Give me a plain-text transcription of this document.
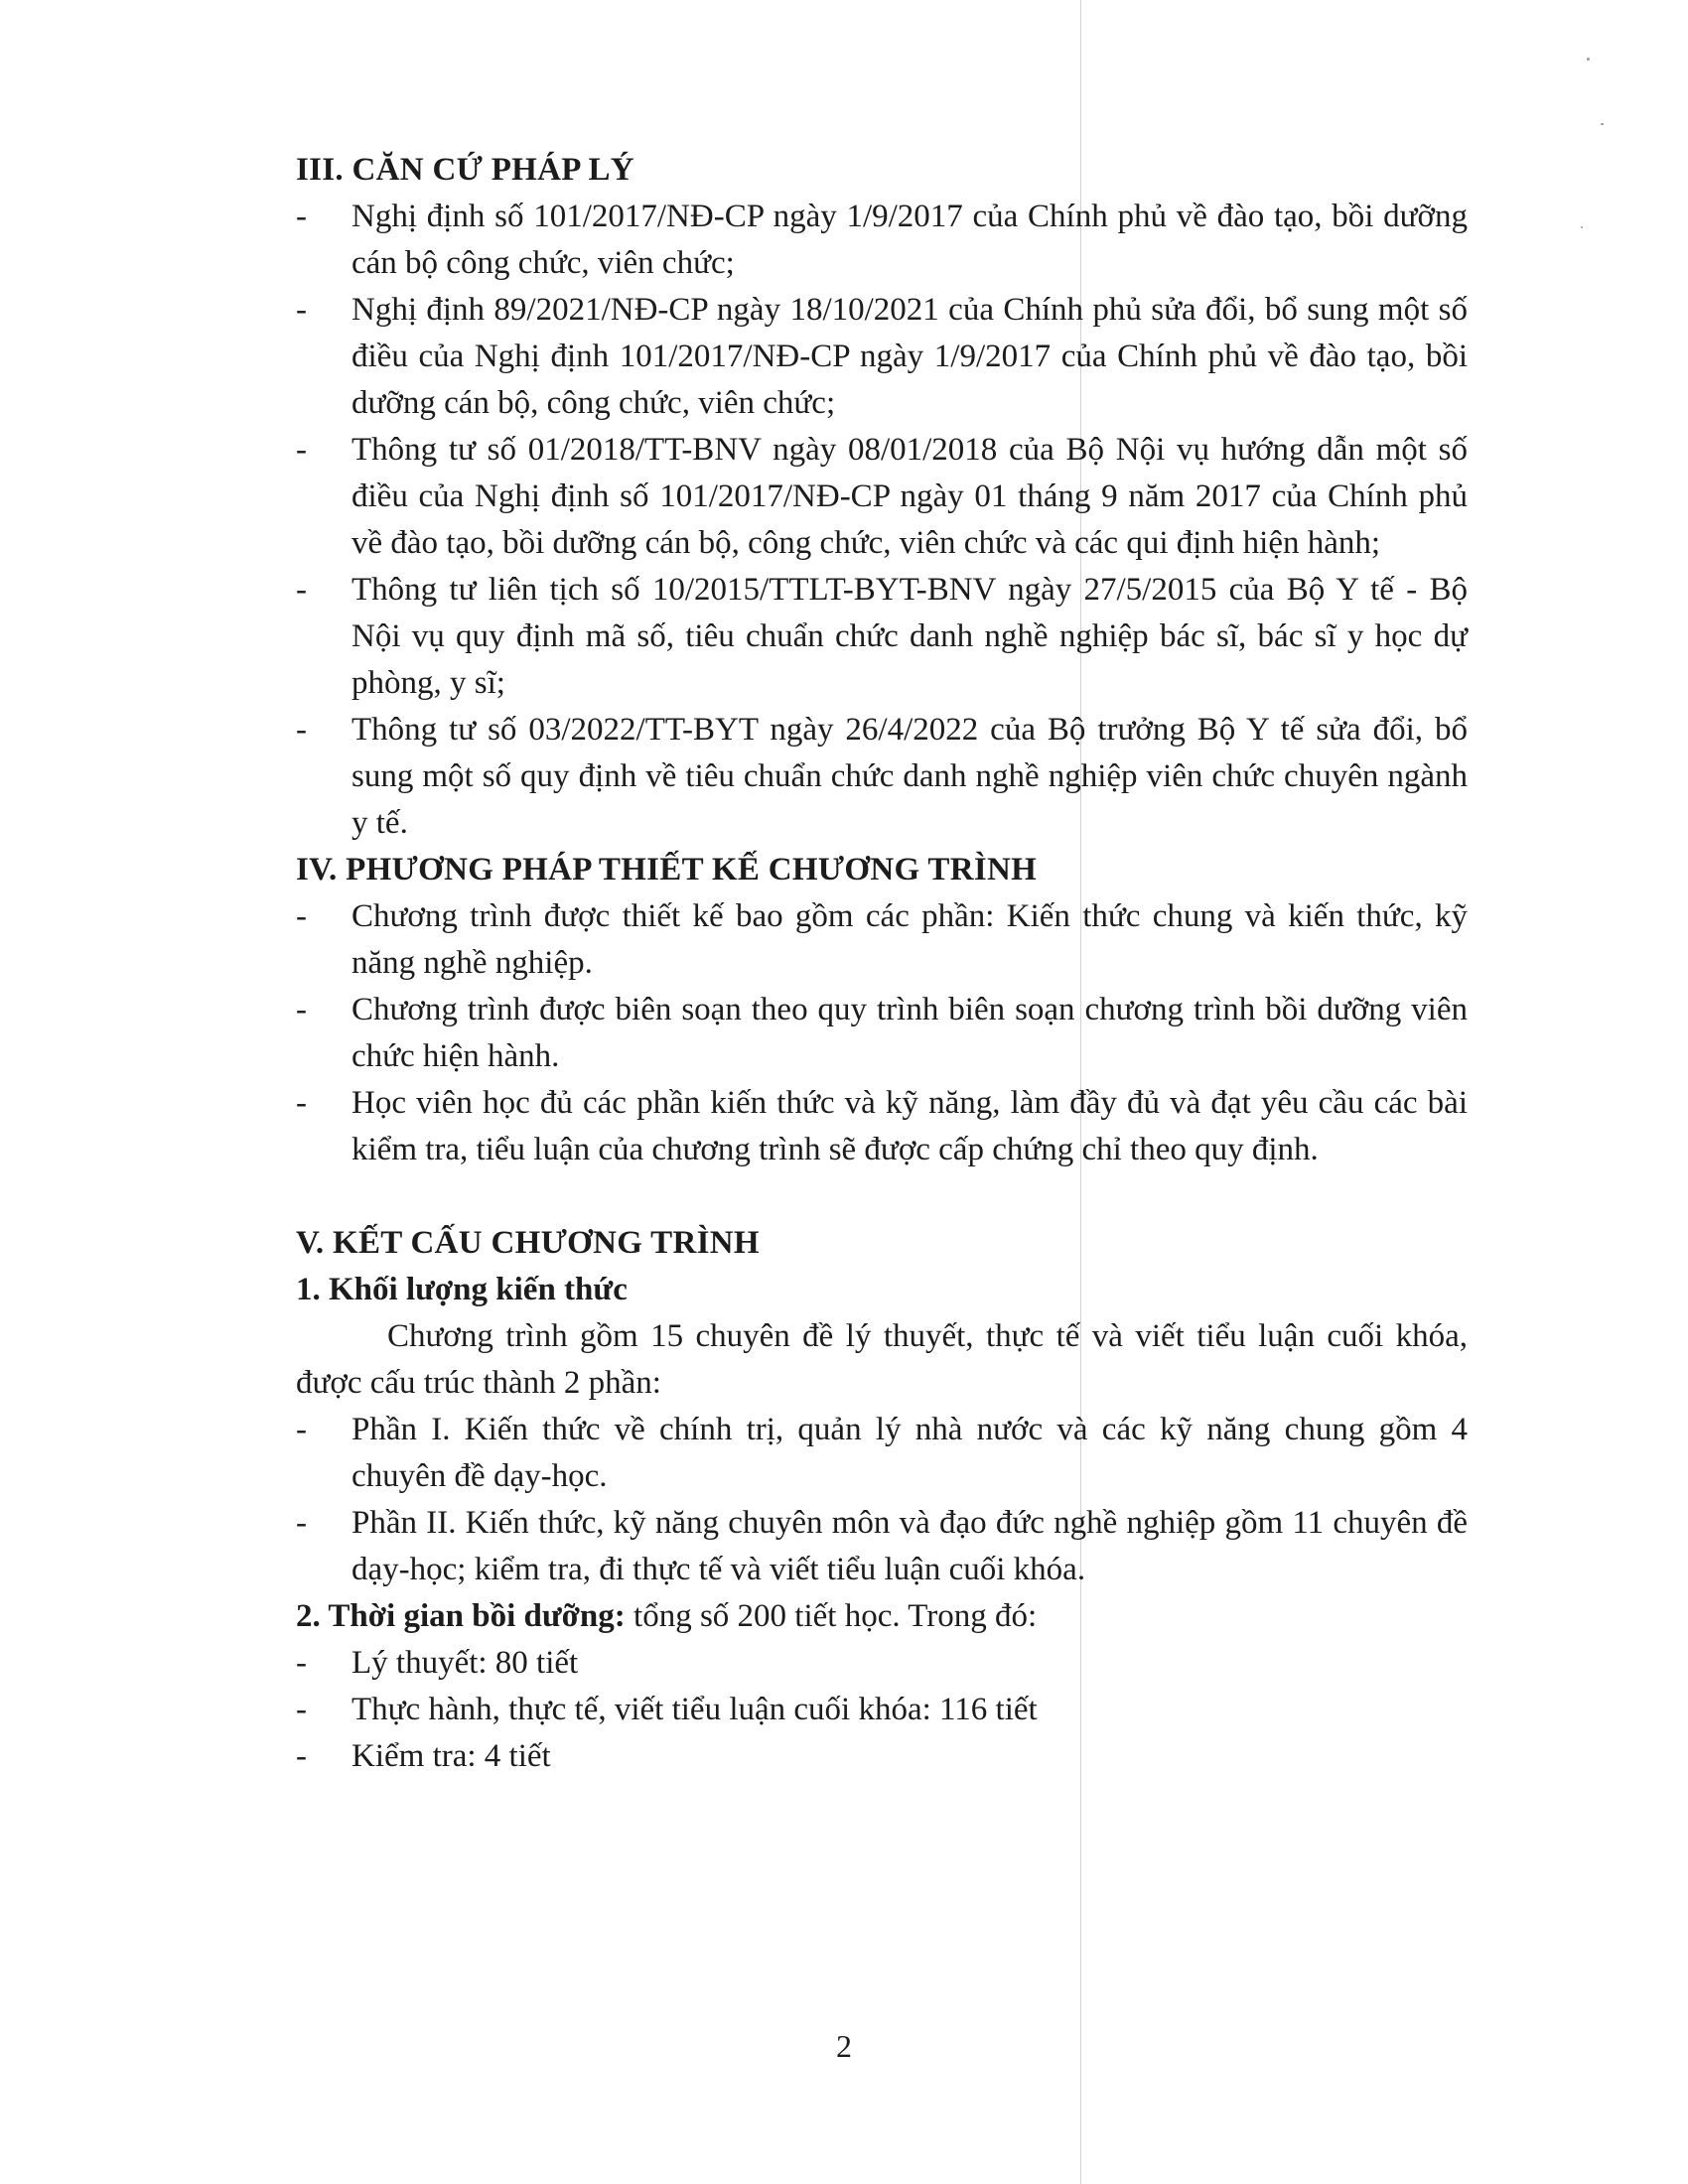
III. CĂN CỨ PHÁP LÝ

- Nghị định số 101/2017/NĐ-CP ngày 1/9/2017 của Chính phủ về đào tạo, bồi dưỡng cán bộ công chức, viên chức;
- Nghị định 89/2021/NĐ-CP ngày 18/10/2021 của Chính phủ sửa đổi, bổ sung một số điều của Nghị định 101/2017/NĐ-CP ngày 1/9/2017 của Chính phủ về đào tạo, bồi dưỡng cán bộ, công chức, viên chức;
- Thông tư số 01/2018/TT-BNV ngày 08/01/2018 của Bộ Nội vụ hướng dẫn một số điều của Nghị định số 101/2017/NĐ-CP ngày 01 tháng 9 năm 2017 của Chính phủ về đào tạo, bồi dưỡng cán bộ, công chức, viên chức và các qui định hiện hành;
- Thông tư liên tịch số 10/2015/TTLT-BYT-BNV ngày 27/5/2015 của Bộ Y tế - Bộ Nội vụ quy định mã số, tiêu chuẩn chức danh nghề nghiệp bác sĩ, bác sĩ y học dự phòng, y sĩ;
- Thông tư số 03/2022/TT-BYT ngày 26/4/2022 của Bộ trưởng Bộ Y tế sửa đổi, bổ sung một số quy định về tiêu chuẩn chức danh nghề nghiệp viên chức chuyên ngành y tế.

IV. PHƯƠNG PHÁP THIẾT KẾ CHƯƠNG TRÌNH

- Chương trình được thiết kế bao gồm các phần: Kiến thức chung và kiến thức, kỹ năng nghề nghiệp.
- Chương trình được biên soạn theo quy trình biên soạn chương trình bồi dưỡng viên chức hiện hành.
- Học viên học đủ các phần kiến thức và kỹ năng, làm đầy đủ và đạt yêu cầu các bài kiểm tra, tiểu luận của chương trình sẽ được cấp chứng chỉ theo quy định.

V. KẾT CẤU CHƯƠNG TRÌNH

1. Khối lượng kiến thức

Chương trình gồm 15 chuyên đề lý thuyết, thực tế và viết tiểu luận cuối khóa, được cấu trúc thành 2 phần:

- Phần I. Kiến thức về chính trị, quản lý nhà nước và các kỹ năng chung gồm 4 chuyên đề dạy-học.
- Phần II. Kiến thức, kỹ năng chuyên môn và đạo đức nghề nghiệp gồm 11 chuyên đề dạy-học; kiểm tra, đi thực tế và viết tiểu luận cuối khóa.

2. Thời gian bồi dưỡng: tổng số 200 tiết học. Trong đó:

- Lý thuyết: 80 tiết
- Thực hành, thực tế, viết tiểu luận cuối khóa: 116 tiết
- Kiểm tra: 4 tiết
2
